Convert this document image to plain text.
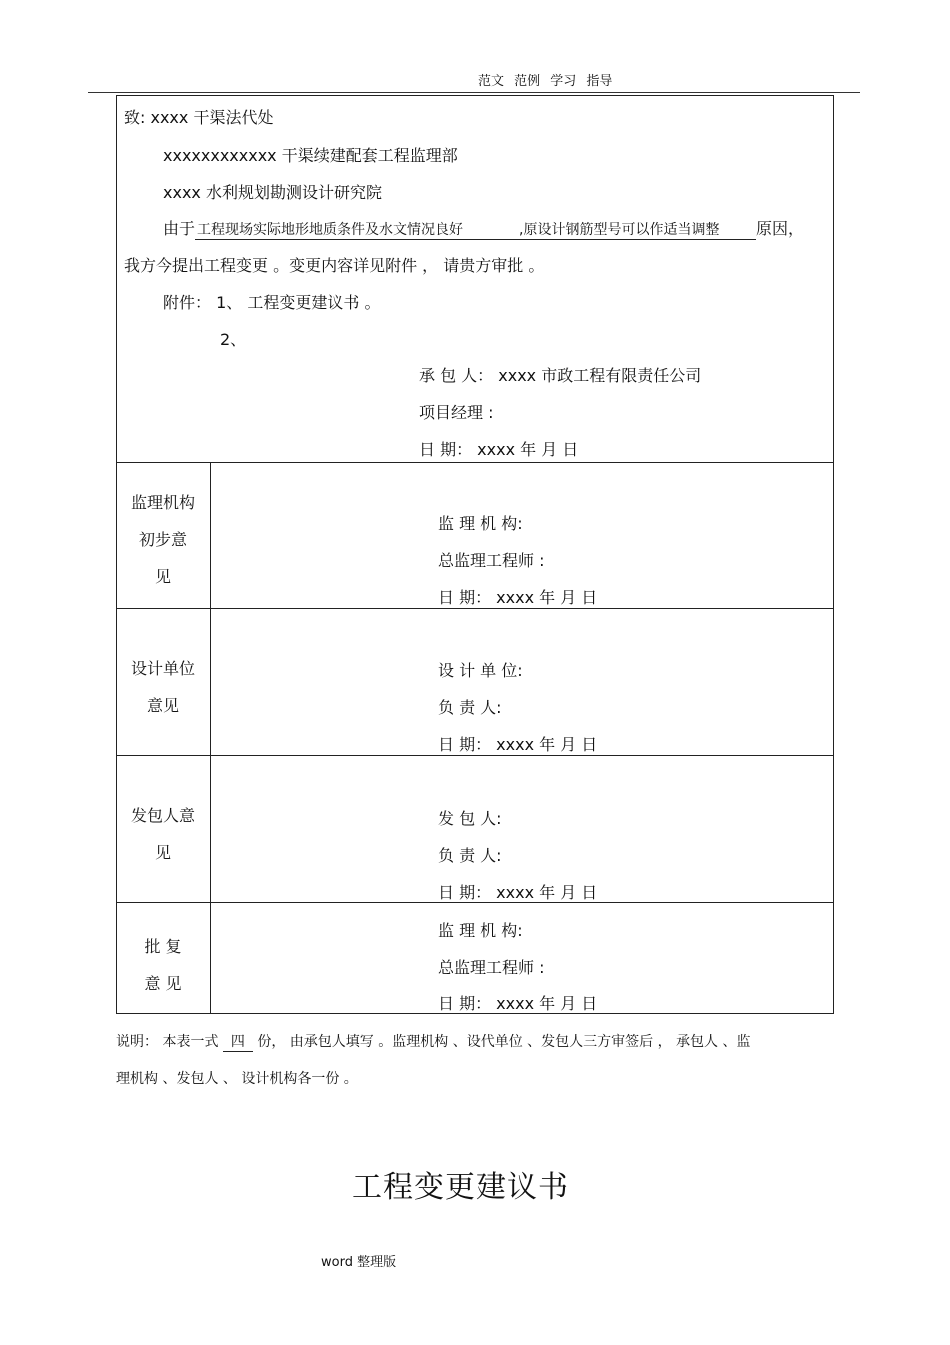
范文 范例 学习 指导
致: xxxx 干渠法代处
xxxxxxxxxxxx 干渠续建配套工程监理部
xxxx 水利规划勘测设计研究院
由于 工程现场实际地形地质条件及水文情况良好	,原设计钢筋型号可以作适当调整 原因，
我方今提出工程变更 。变更内容详见附件 ， 请贵方审批 。
附件： 1、 工程变更建议书 。
2、
承 包 人： xxxx 市政工程有限责任公司
项目经理 :
日 期： xxxx 年 月 日
监理机构
初步意
见
监 理 机 构:
总监理工程师 :
日 期： xxxx 年 月 日
设计单位
意见
设 计 单 位:
负 责 人:
日 期： xxxx 年 月 日
发包人意
见
发 包 人:
负 责 人:
日 期： xxxx 年 月 日
批 复
意 见
监 理 机 构:
总监理工程师 :
日 期： xxxx 年 月 日
说明： 本表一式 四 份， 由承包人填写 。监理机构 、设代单位 、发包人三方审签后 ， 承包人 、监
理机构 、发包人 、 设计机构各一份 。
工程变更建议书
word 整理版
